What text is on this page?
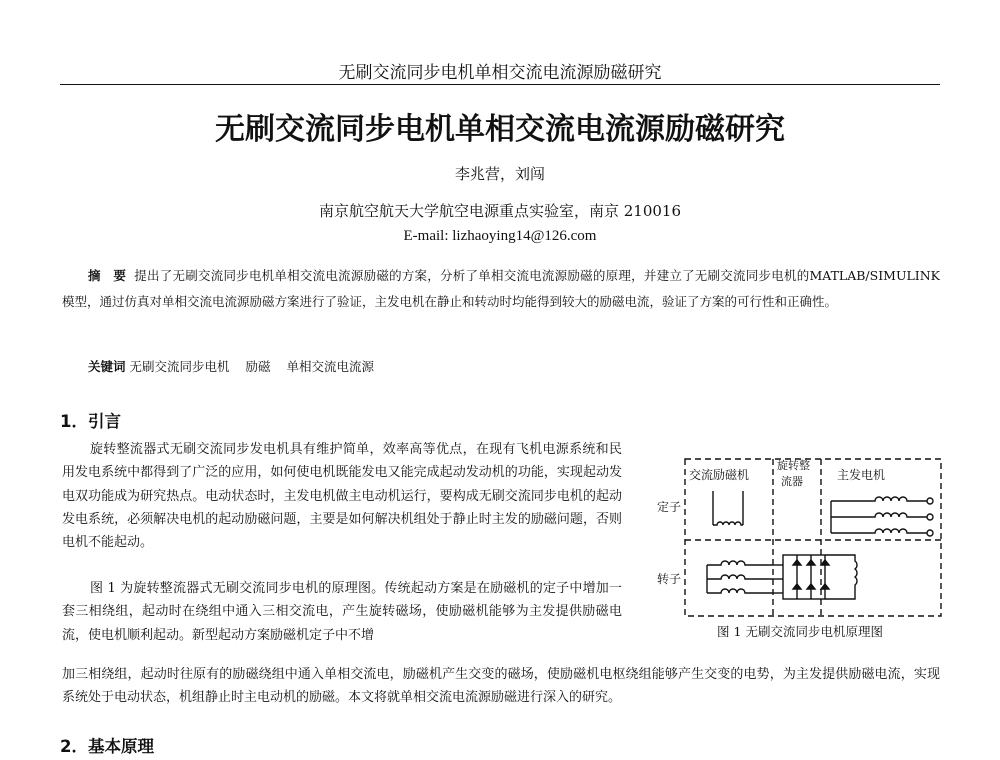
无刷交流同步电机单相交流电流源励磁研究
无刷交流同步电机单相交流电流源励磁研究
李兆营，刘闯
南京航空航天大学航空电源重点实验室，南京 210016
E-mail: lizhaoying14@126.com
摘 要 提出了无刷交流同步电机单相交流电流源励磁的方案，分析了单相交流电流源励磁的原理，并建立了无刷交流同步电机的MATLAB/SIMULINK 模型，通过仿真对单相交流电流源励磁方案进行了验证，主发电机在静止和转动时均能得到较大的励磁电流，验证了方案的可行性和正确性。
关键词 无刷交流同步电机 励磁 单相交流电流源
1．引言
旋转整流器式无刷交流同步发电机具有维护简单，效率高等优点，在现有飞机电源系统和民用发电系统中都得到了广泛的应用，如何使电机既能发电又能完成起动发动机的功能，实现起动发电双功能成为研究热点。电动状态时，主发电机做主电动机运行，要构成无刷交流同步电机的起动发电系统，必须解决电机的起动励磁问题，主要是如何解决机组处于静止时主发的励磁问题，否则电机不能起动。
图 1 为旋转整流器式无刷交流同步电机的原理图。传统起动方案是在励磁机的定子中增加一套三相绕组，起动时在绕组中通入三相交流电，产生旋转磁场，使励磁机能够为主发提供励磁电流，使电机顺利起动。新型起动方案励磁机定子中不增
交流励磁机
旋转整
流器	主发电机
定子
转子
图 1 无刷交流同步电机原理图
加三相绕组，起动时往原有的励磁绕组中通入单相交流电，励磁机产生交变的磁场，使励磁机电枢绕组能够产生交变的电势，为主发提供励磁电流，实现系统处于电动状态，机组静止时主电动机的励磁。本文将就单相交流电流源励磁进行深入的研究。
2．基本原理
